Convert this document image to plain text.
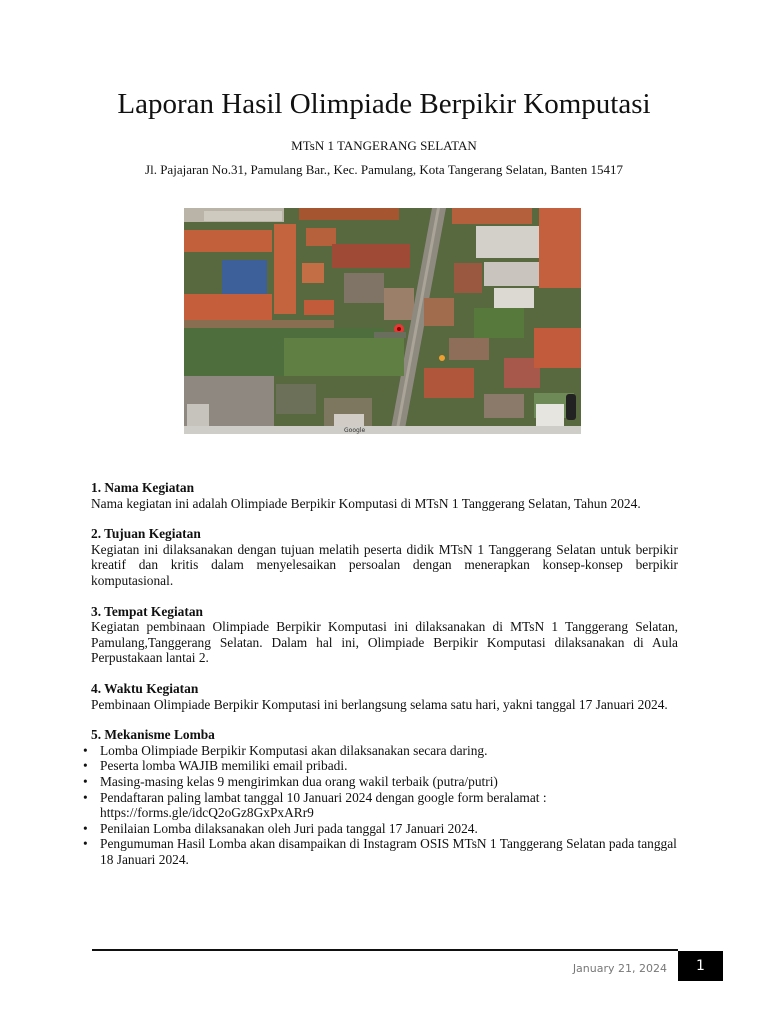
Laporan Hasil Olimpiade Berpikir Komputasi
MTsN 1 TANGERANG SELATAN
Jl. Pajajaran No.31, Pamulang Bar., Kec. Pamulang, Kota Tangerang Selatan, Banten 15417
Google
1. Nama Kegiatan

Nama kegiatan ini adalah Olimpiade Berpikir Komputasi di MTsN 1 Tanggerang Selatan, Tahun 2024.

2. Tujuan Kegiatan

Kegiatan ini dilaksanakan dengan tujuan melatih peserta didik MTsN 1 Tanggerang Selatan untuk berpikir kreatif dan kritis dalam menyelesaikan persoalan dengan menerapkan konsep-konsep berpikir komputasional.

3. Tempat Kegiatan

Kegiatan pembinaan Olimpiade Berpikir Komputasi ini dilaksanakan di MTsN 1 Tanggerang Selatan, Pamulang,Tanggerang Selatan. Dalam hal ini, Olimpiade Berpikir Komputasi dilaksanakan di Aula Perpustakaan lantai 2.

4. Waktu Kegiatan

Pembinaan Olimpiade Berpikir Komputasi ini berlangsung selama satu hari, yakni tanggal 17 Januari 2024.

5. Mekanisme Lomba
• Lomba Olimpiade Berpikir Komputasi akan dilaksanakan secara daring.
• Peserta lomba WAJIB memiliki email pribadi.
• Masing-masing kelas 9 mengirimkan dua orang wakil terbaik (putra/putri)
• Pendaftaran paling lambat tanggal 10 Januari 2024 dengan google form beralamat : https://forms.gle/idcQ2oGz8GxPxARr9
• Penilaian Lomba dilaksanakan oleh Juri pada tanggal 17 Januari 2024.
• Pengumuman Hasil Lomba akan disampaikan di Instagram OSIS MTsN 1 Tanggerang Selatan pada tanggal 18 Januari 2024.
January 21, 2024	1
